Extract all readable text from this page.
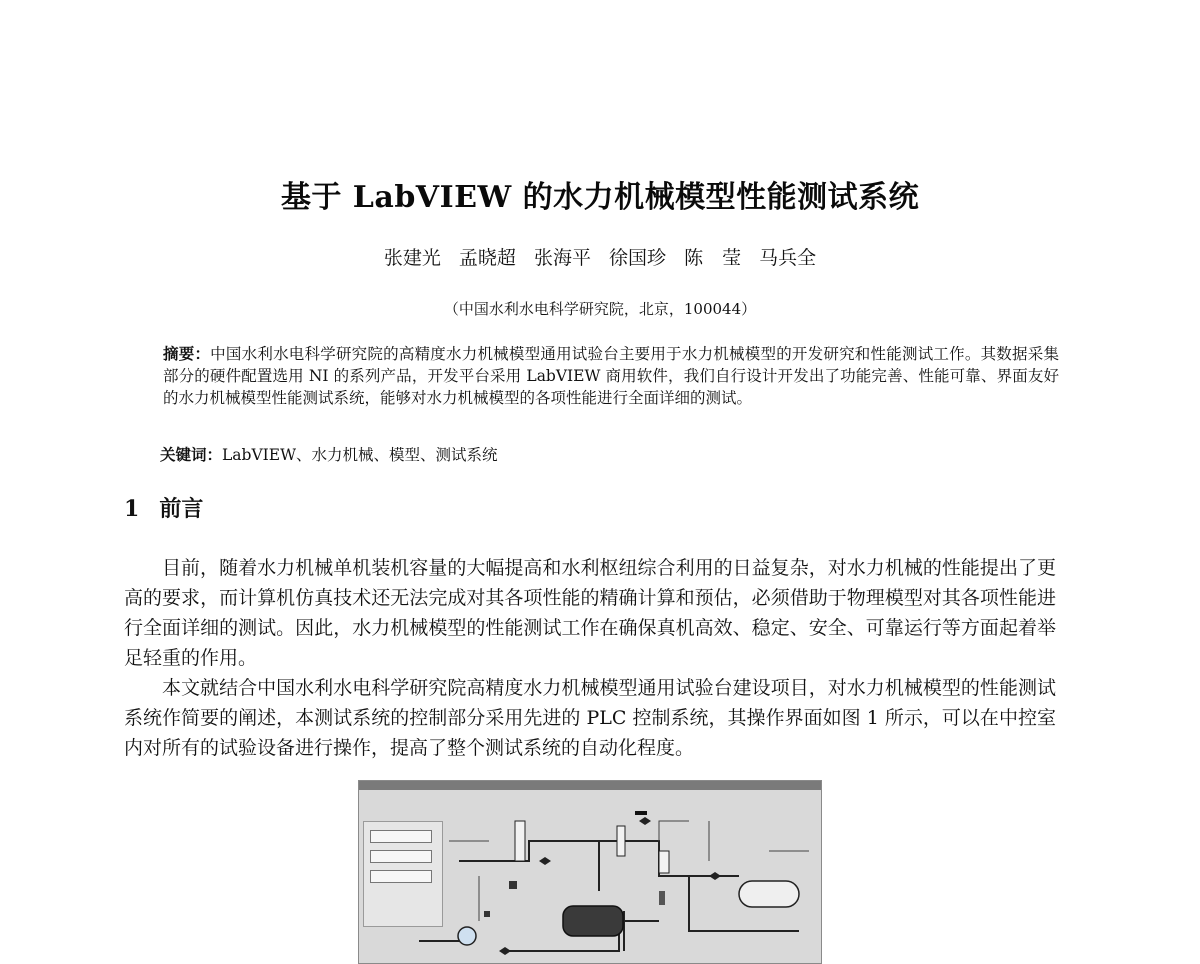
基于 LabVIEW 的水力机械模型性能测试系统
张建光 孟晓超 张海平 徐国珍 陈　莹 马兵全
（中国水利水电科学研究院，北京，100044）
摘要：中国水利水电科学研究院的高精度水力机械模型通用试验台主要用于水力机械模型的开发研究和性能测试工作。其数据采集部分的硬件配置选用 NI 的系列产品，开发平台采用 LabVIEW 商用软件，我们自行设计开发出了功能完善、性能可靠、界面友好的水力机械模型性能测试系统，能够对水力机械模型的各项性能进行全面详细的测试。
关键词：LabVIEW、水力机械、模型、测试系统
1 前言

目前，随着水力机械单机装机容量的大幅提高和水利枢纽综合利用的日益复杂，对水力机械的性能提出了更高的要求，而计算机仿真技术还无法完成对其各项性能的精确计算和预估，必须借助于物理模型对其各项性能进行全面详细的测试。因此，水力机械模型的性能测试工作在确保真机高效、稳定、安全、可靠运行等方面起着举足轻重的作用。

本文就结合中国水利水电科学研究院高精度水力机械模型通用试验台建设项目，对水力机械模型的性能测试系统作简要的阐述，本测试系统的控制部分采用先进的 PLC 控制系统，其操作界面如图 1 所示，可以在中控室内对所有的试验设备进行操作，提高了整个测试系统的自动化程度。
